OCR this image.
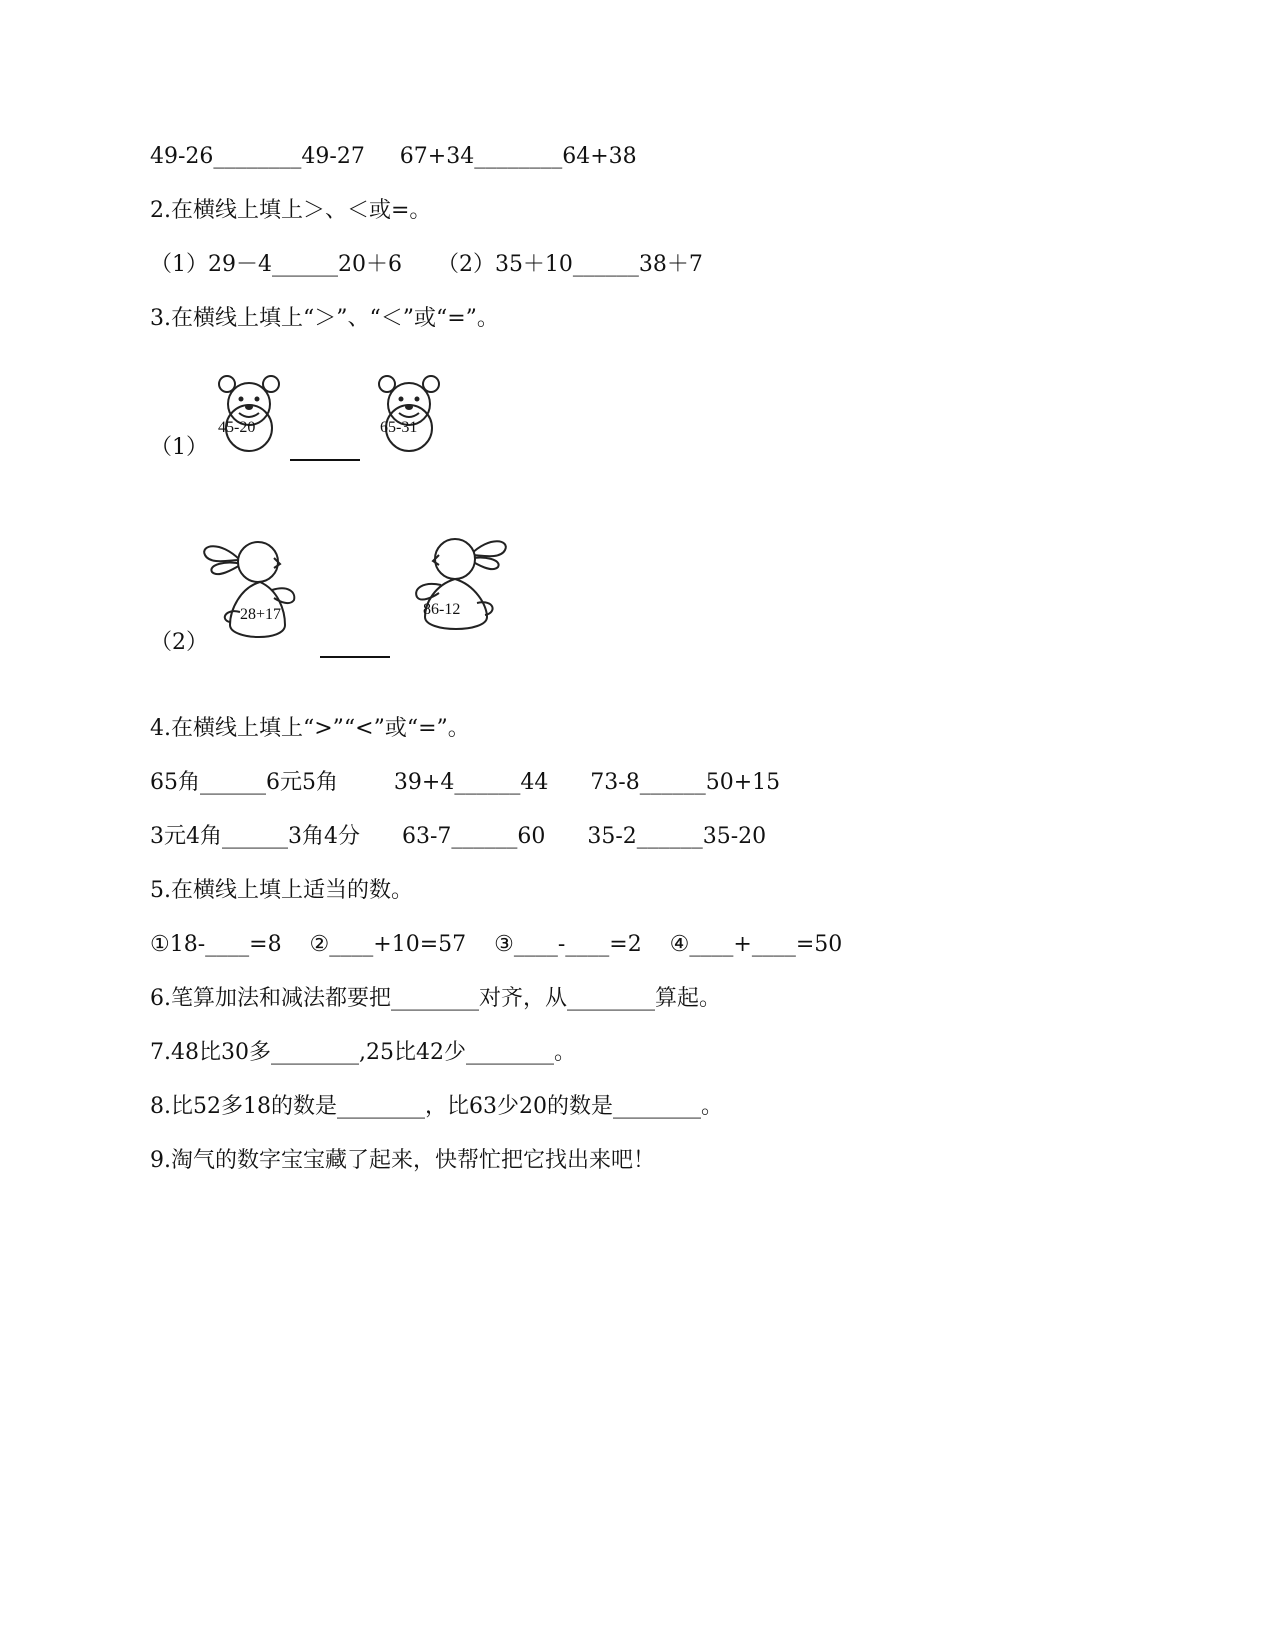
49-26________49-27     67+34________64+38
2.在横线上填上＞、＜或=。
（1）29－4______20＋6     （2）35＋10______38＋7
3.在横线上填上“＞”、“＜”或“=”。
（1）
45-20	65-31
（2）
28+17	86-12
4.在横线上填上“>”“<”或“=”。
65角______6元5角        39+4______44      73-8______50+15
3元4角______3角4分      63-7______60      35-2______35-20
5.在横线上填上适当的数。
①18-____=8    ②____+10=57    ③____-____=2    ④____+____=50
6.笔算加法和减法都要把________对齐，从________算起。
7.48比30多________,25比42少________。
8.比52多18的数是________，比63少20的数是________。
9.淘气的数字宝宝藏了起来，快帮忙把它找出来吧！
